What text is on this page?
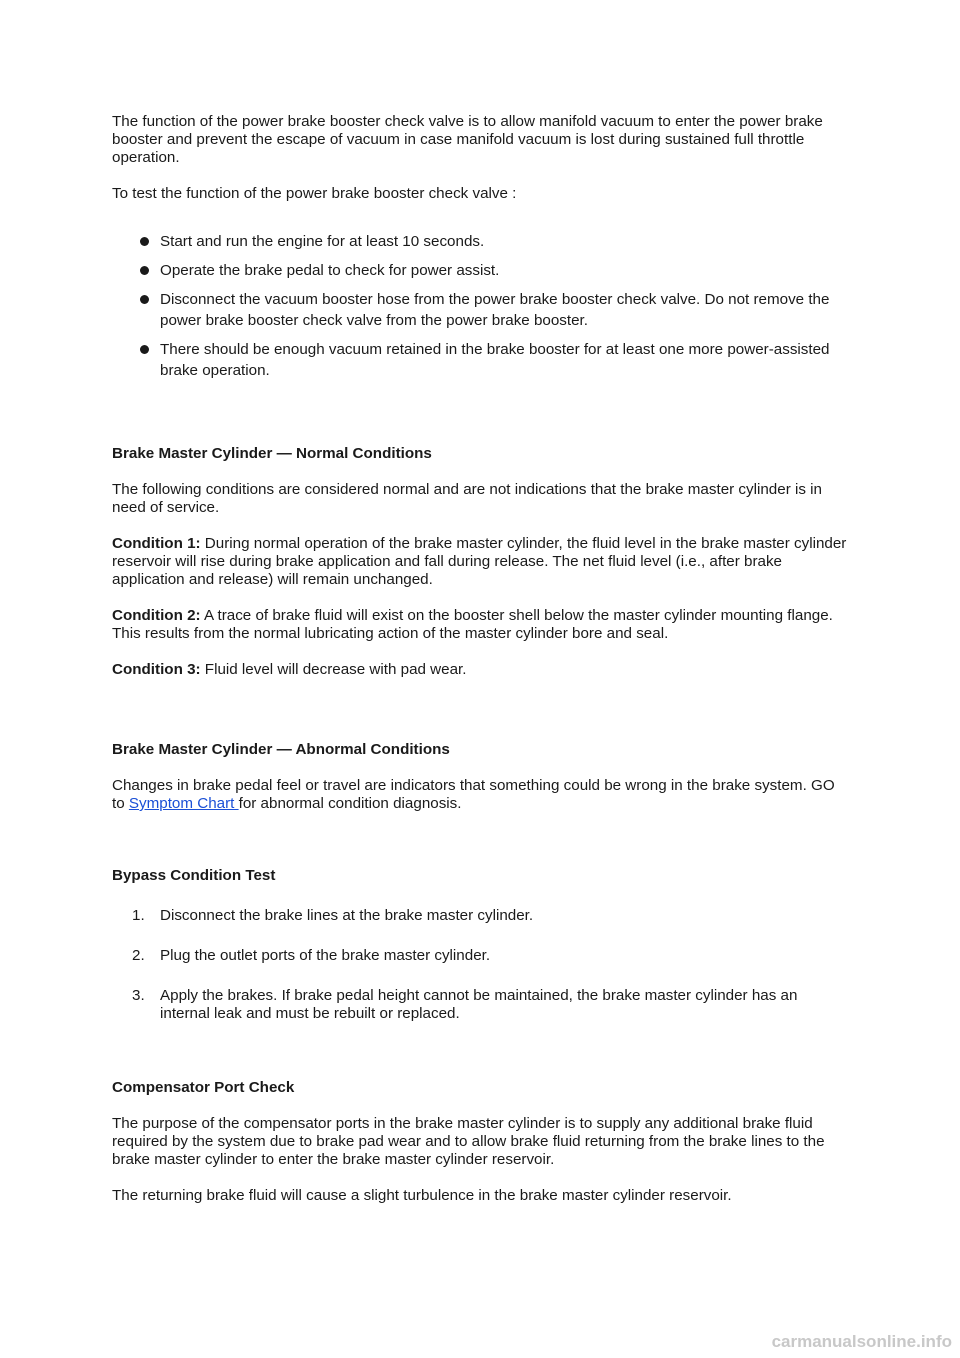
The function of the power brake booster check valve is to allow manifold vacuum to enter the power brake booster and prevent the escape of vacuum in case manifold vacuum is lost during sustained full throttle operation.

To test the function of the power brake booster check valve :

Start and run the engine for at least 10 seconds.
Operate the brake pedal to check for power assist.
Disconnect the vacuum booster hose from the power brake booster check valve. Do not remove the power brake booster check valve from the power brake booster.
There should be enough vacuum retained in the brake booster for at least one more power-assisted brake operation.

Brake Master Cylinder — Normal Conditions

The following conditions are considered normal and are not indications that the brake master cylinder is in need of service.

Condition 1: During normal operation of the brake master cylinder, the fluid level in the brake master cylinder reservoir will rise during brake application and fall during release. The net fluid level (i.e., after brake application and release) will remain unchanged.

Condition 2: A trace of brake fluid will exist on the booster shell below the master cylinder mounting flange. This results from the normal lubricating action of the master cylinder bore and seal.

Condition 3: Fluid level will decrease with pad wear.

Brake Master Cylinder — Abnormal Conditions

Changes in brake pedal feel or travel are indicators that something could be wrong in the brake system. GO to Symptom Chart for abnormal condition diagnosis.

Bypass Condition Test

1. Disconnect the brake lines at the brake master cylinder.
2. Plug the outlet ports of the brake master cylinder.
3. Apply the brakes. If brake pedal height cannot be maintained, the brake master cylinder has an internal leak and must be rebuilt or replaced.

Compensator Port Check

The purpose of the compensator ports in the brake master cylinder is to supply any additional brake fluid required by the system due to brake pad wear and to allow brake fluid returning from the brake lines to the brake master cylinder to enter the brake master cylinder reservoir.

The returning brake fluid will cause a slight turbulence in the brake master cylinder reservoir.

carmanualsonline.info
